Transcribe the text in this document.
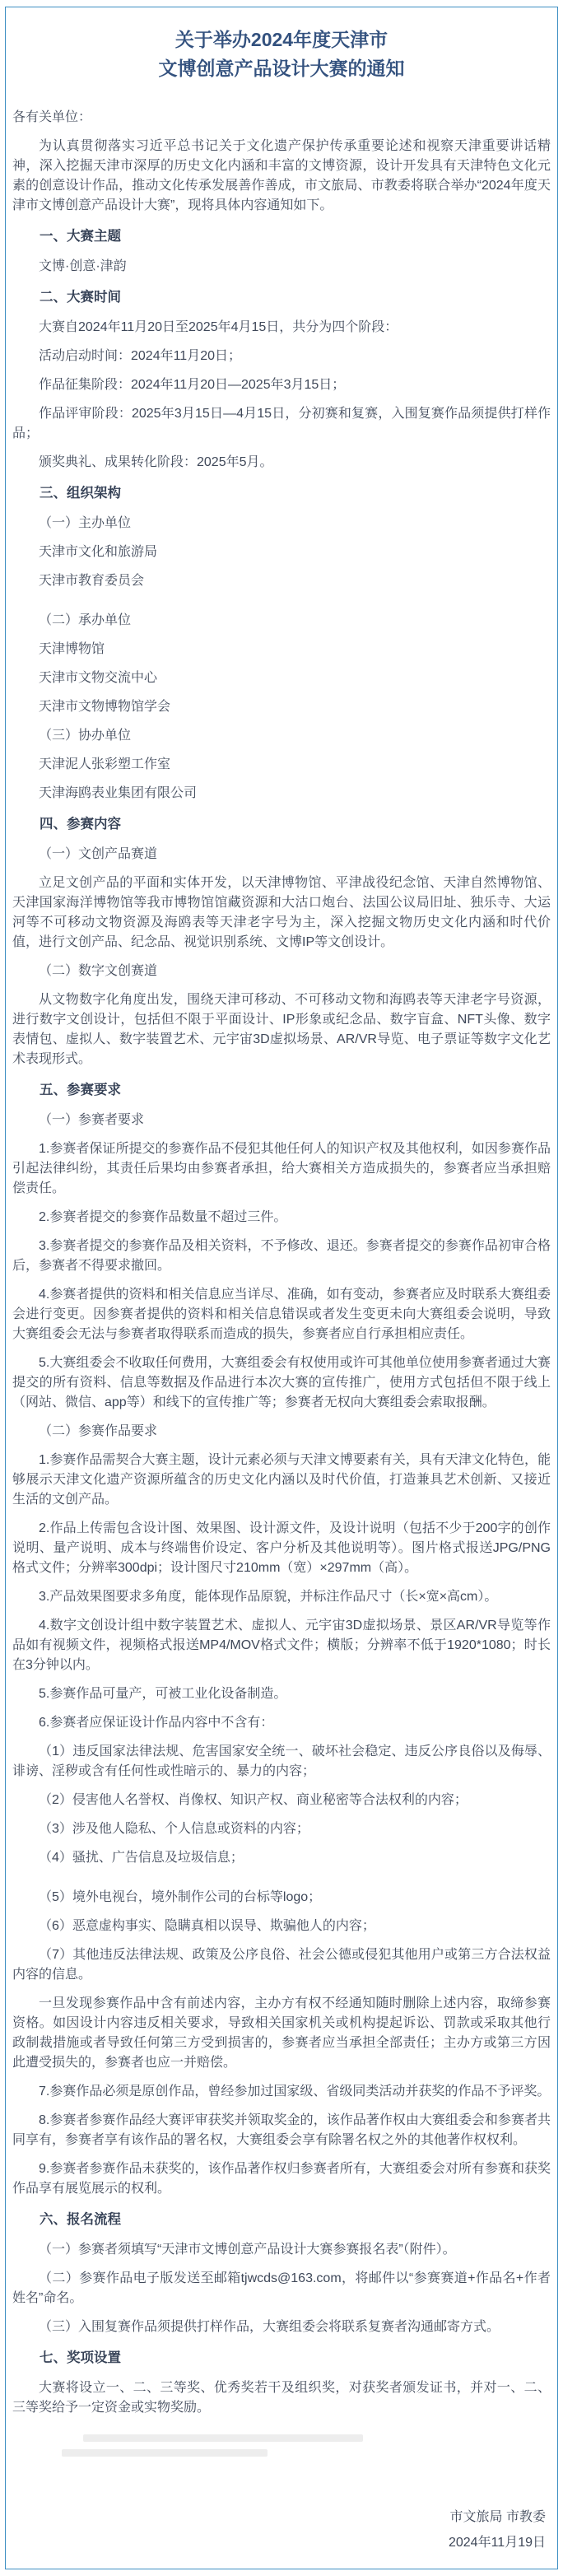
关于举办2024年度天津市
文博创意产品设计大赛的通知

各有关单位：

为认真贯彻落实习近平总书记关于文化遗产保护传承重要论述和视察天津重要讲话精神，深入挖掘天津市深厚的历史文化内涵和丰富的文博资源，设计开发具有天津特色文化元素的创意设计作品，推动文化传承发展善作善成，市文旅局、市教委将联合举办“2024年度天津市文博创意产品设计大赛”，现将具体内容通知如下。

一、大赛主题

文博·创意·津韵

二、大赛时间

大赛自2024年11月20日至2025年4月15日，共分为四个阶段：

活动启动时间：2024年11月20日；

作品征集阶段：2024年11月20日—2025年3月15日；

作品评审阶段：2025年3月15日—4月15日，分初赛和复赛，入围复赛作品须提供打样作品；

颁奖典礼、成果转化阶段：2025年5月。

三、组织架构

（一）主办单位

天津市文化和旅游局

天津市教育委员会

（二）承办单位

天津博物馆

天津市文物交流中心

天津市文物博物馆学会

（三）协办单位

天津泥人张彩塑工作室

天津海鸥表业集团有限公司

四、参赛内容

（一）文创产品赛道

立足文创产品的平面和实体开发，以天津博物馆、平津战役纪念馆、天津自然博物馆、天津国家海洋博物馆等我市博物馆馆藏资源和大沽口炮台、法国公议局旧址、独乐寺、大运河等不可移动文物资源及海鸥表等天津老字号为主，深入挖掘文物历史文化内涵和时代价值，进行文创产品、纪念品、视觉识别系统、文博IP等文创设计。

（二）数字文创赛道

从文物数字化角度出发，围绕天津可移动、不可移动文物和海鸥表等天津老字号资源，进行数字文创设计，包括但不限于平面设计、IP形象或纪念品、数字盲盒、NFT头像、数字表情包、虚拟人、数字装置艺术、元宇宙3D虚拟场景、AR/VR导览、电子票证等数字文化艺术表现形式。

五、参赛要求

（一）参赛者要求

1.参赛者保证所提交的参赛作品不侵犯其他任何人的知识产权及其他权利，如因参赛作品引起法律纠纷，其责任后果均由参赛者承担，给大赛相关方造成损失的，参赛者应当承担赔偿责任。

2.参赛者提交的参赛作品数量不超过三件。

3.参赛者提交的参赛作品及相关资料，不予修改、退还。参赛者提交的参赛作品初审合格后，参赛者不得要求撤回。

4.参赛者提供的资料和相关信息应当详尽、准确，如有变动，参赛者应及时联系大赛组委会进行变更。因参赛者提供的资料和相关信息错误或者发生变更未向大赛组委会说明，导致大赛组委会无法与参赛者取得联系而造成的损失，参赛者应自行承担相应责任。

5.大赛组委会不收取任何费用，大赛组委会有权使用或许可其他单位使用参赛者通过大赛提交的所有资料、信息等数据及作品进行本次大赛的宣传推广，使用方式包括但不限于线上（网站、微信、app等）和线下的宣传推广等；参赛者无权向大赛组委会索取报酬。

（二）参赛作品要求

1.参赛作品需契合大赛主题，设计元素必须与天津文博要素有关，具有天津文化特色，能够展示天津文化遗产资源所蕴含的历史文化内涵以及时代价值，打造兼具艺术创新、又接近生活的文创产品。

2.作品上传需包含设计图、效果图、设计源文件，及设计说明（包括不少于200字的创作说明、量产说明、成本与终端售价设定、客户分析及其他说明等）。图片格式报送JPG/PNG格式文件；分辨率300dpi；设计图尺寸210mm（宽）×297mm（高）。

3.产品效果图要求多角度，能体现作品原貌，并标注作品尺寸（长×宽×高cm）。

4.数字文创设计组中数字装置艺术、虚拟人、元宇宙3D虚拟场景、景区AR/VR导览等作品如有视频文件，视频格式报送MP4/MOV格式文件；横版；分辨率不低于1920*1080；时长在3分钟以内。

5.参赛作品可量产，可被工业化设备制造。

6.参赛者应保证设计作品内容中不含有：

（1）违反国家法律法规、危害国家安全统一、破坏社会稳定、违反公序良俗以及侮辱、诽谤、淫秽或含有任何性或性暗示的、暴力的内容；

（2）侵害他人名誉权、肖像权、知识产权、商业秘密等合法权利的内容；

（3）涉及他人隐私、个人信息或资料的内容；

（4）骚扰、广告信息及垃圾信息；

（5）境外电视台，境外制作公司的台标等logo；

（6）恶意虚构事实、隐瞒真相以误导、欺骗他人的内容；

（7）其他违反法律法规、政策及公序良俗、社会公德或侵犯其他用户或第三方合法权益内容的信息。

一旦发现参赛作品中含有前述内容，主办方有权不经通知随时删除上述内容，取缔参赛资格。如因设计内容违反相关要求，导致相关国家机关或机构提起诉讼、罚款或采取其他行政制裁措施或者导致任何第三方受到损害的，参赛者应当承担全部责任；主办方或第三方因此遭受损失的，参赛者也应一并赔偿。

7.参赛作品必须是原创作品，曾经参加过国家级、省级同类活动并获奖的作品不予评奖。

8.参赛者参赛作品经大赛评审获奖并领取奖金的，该作品著作权由大赛组委会和参赛者共同享有，参赛者享有该作品的署名权，大赛组委会享有除署名权之外的其他著作权权利。

9.参赛者参赛作品未获奖的，该作品著作权归参赛者所有，大赛组委会对所有参赛和获奖作品享有展览展示的权利。

六、报名流程

（一）参赛者须填写“天津市文博创意产品设计大赛参赛报名表”（附件）。

（二）参赛作品电子版发送至邮箱tjwcds@163.com，将邮件以“参赛赛道+作品名+作者姓名”命名。

（三）入围复赛作品须提供打样作品，大赛组委会将联系复赛者沟通邮寄方式。

七、奖项设置

大赛将设立一、二、三等奖、优秀奖若干及组织奖，对获奖者颁发证书，并对一、二、三等奖给予一定资金或实物奖励。

市文旅局 市教委
2024年11月19日
